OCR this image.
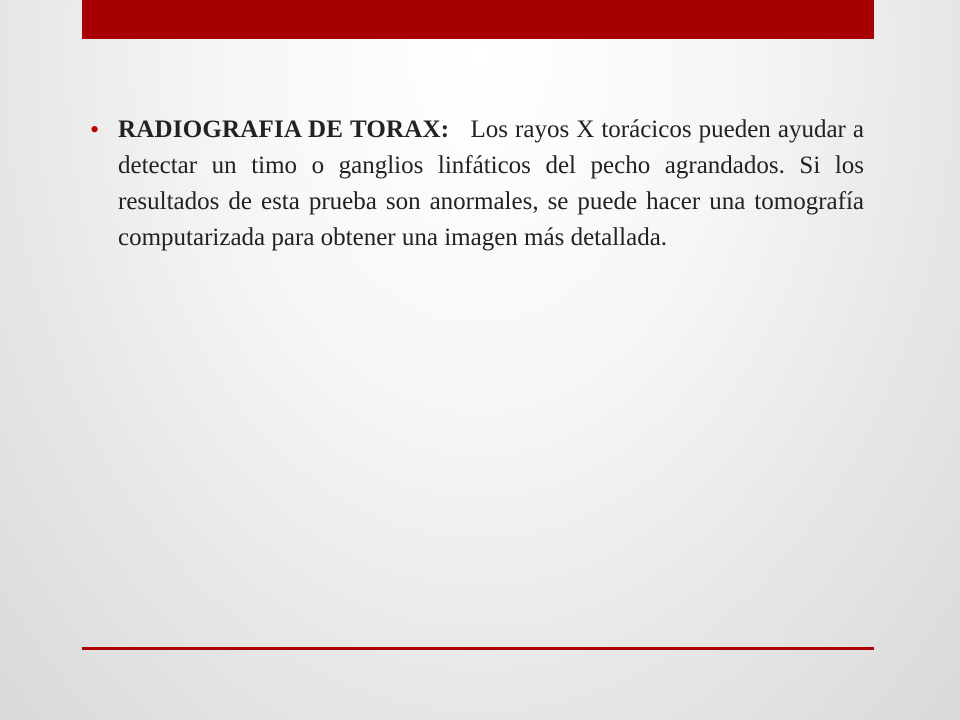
• RADIOGRAFIA DE TORAX: Los rayos X torácicos pueden ayudar a detectar un timo o ganglios linfáticos del pecho agrandados. Si los resultados de esta prueba son anormales, se puede hacer una tomografía computarizada para obtener una imagen más detallada.
